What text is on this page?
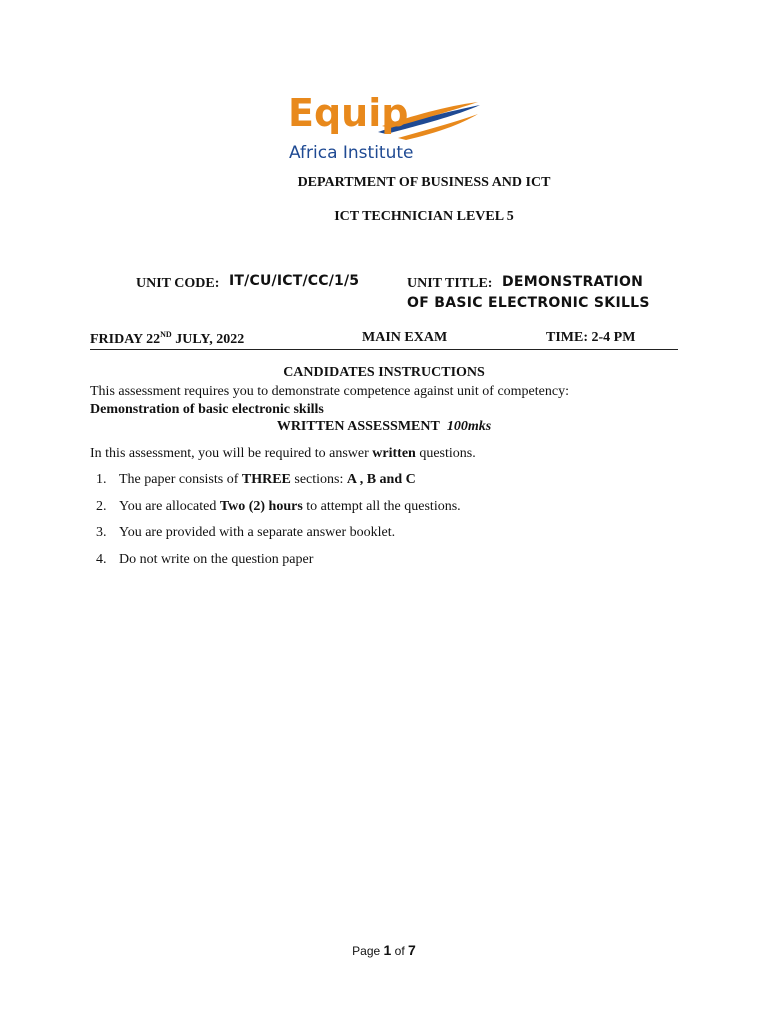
Equip
Africa Institute
DEPARTMENT OF BUSINESS AND ICT
ICT TECHNICIAN LEVEL 5
UNIT CODE: IT/CU/ICT/CC/1/5	UNIT TITLE: DEMONSTRATION
OF BASIC ELECTRONIC SKILLS
FRIDAY 22ND JULY, 2022	MAIN EXAM	TIME: 2-4 PM
CANDIDATES INSTRUCTIONS
This assessment requires you to demonstrate competence against unit of competency:
Demonstration of basic electronic skills
WRITTEN ASSESSMENT 100mks
In this assessment, you will be required to answer written questions.
1. The paper consists of THREE sections: A , B and C
2. You are allocated Two (2) hours to attempt all the questions.
3. You are provided with a separate answer booklet.
4. Do not write on the question paper
Page 1 of 7
